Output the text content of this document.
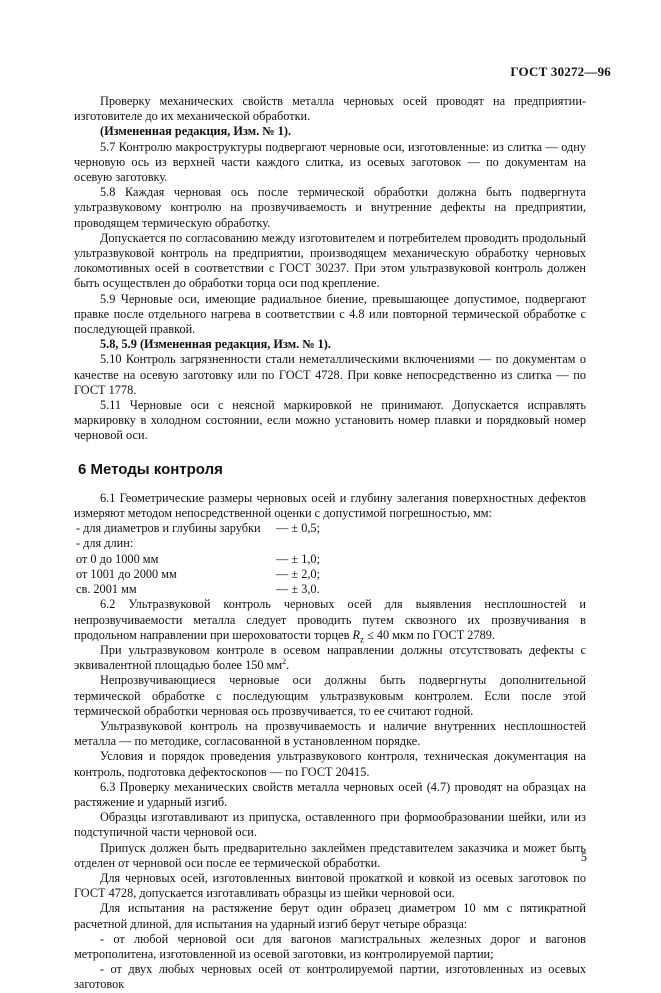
ГОСТ 30272—96

Проверку механических свойств металла черновых осей проводят на предприятии-изготовителе до их механической обработки.

(Измененная редакция, Изм. № 1).

5.7 Контролю макроструктуры подвергают черновые оси, изготовленные: из слитка — одну черновую ось из верхней части каждого слитка, из осевых заготовок — по документам на осевую заготовку.

5.8 Каждая черновая ось после термической обработки должна быть подвергнута ультразвуковому контролю на прозвучиваемость и внутренние дефекты на предприятии, проводящем термическую обработку.

Допускается по согласованию между изготовителем и потребителем проводить продольный ультразвуковой контроль на предприятии, производящем механическую обработку черновых локомотивных осей в соответствии с ГОСТ 30237. При этом ультразвуковой контроль должен быть осуществлен до обработки торца оси под крепление.

5.9 Черновые оси, имеющие радиальное биение, превышающее допустимое, подвергают правке после отдельного нагрева в соответствии с 4.8 или повторной термической обработке с последующей правкой.

5.8, 5.9 (Измененная редакция, Изм. № 1).

5.10 Контроль загрязненности стали неметаллическими включениями — по документам о качестве на осевую заготовку или по ГОСТ 4728. При ковке непосредственно из слитка — по ГОСТ 1778.

5.11 Черновые оси с неясной маркировкой не принимают. Допускается исправлять маркировку в холодном состоянии, если можно установить номер плавки и порядковый номер черновой оси.

6 Методы контроля

6.1 Геометрические размеры черновых осей и глубину залегания поверхностных дефектов измеряют методом непосредственной оценки с допустимой погрешностью, мм:

- для диаметров и глубины зарубки	— ± 0,5;
- для длин:	
от 0 до 1000 мм	— ± 1,0;
от 1001 до 2000 мм	— ± 2,0;
св. 2001 мм	— ± 3,0.

6.2 Ультразвуковой контроль черновых осей для выявления несплошностей и непрозвучиваемости металла следует проводить путем сквозного их прозвучивания в продольном направлении при шероховатости торцев $R_z \le 40$ мкм по ГОСТ 2789.

При ультразвуковом контроле в осевом направлении должны отсутствовать дефекты с эквивалентной площадью более 150 $мм^2$.

Непрозвучивающиеся черновые оси должны быть подвергнуты дополнительной термической обработке с последующим ультразвуковым контролем. Если после этой термической обработки черновая ось прозвучивается, то ее считают годной.

Ультразвуковой контроль на прозвучиваемость и наличие внутренних несплошностей металла — по методике, согласованной в установленном порядке.

Условия и порядок проведения ультразвукового контроля, техническая документация на контроль, подготовка дефектоскопов — по ГОСТ 20415.

6.3 Проверку механических свойств металла черновых осей (4.7) проводят на образцах на растяжение и ударный изгиб.

Образцы изготавливают из припуска, оставленного при формообразовании шейки, или из подступичной части черновой оси.

Припуск должен быть предварительно заклеймен представителем заказчика и может быть отделен от черновой оси после ее термической обработки.

Для черновых осей, изготовленных винтовой прокаткой и ковкой из осевых заготовок по ГОСТ 4728, допускается изготавливать образцы из шейки черновой оси.

Для испытания на растяжение берут один образец диаметром 10 мм с пятикратной расчетной длиной, для испытания на ударный изгиб берут четыре образца:

- от любой черновой оси для вагонов магистральных железных дорог и вагонов метрополитена, изготовленной из осевой заготовки, из контролируемой партии;

- от двух любых черновых осей от контролируемой партии, изготовленных из осевых заготовок

5
